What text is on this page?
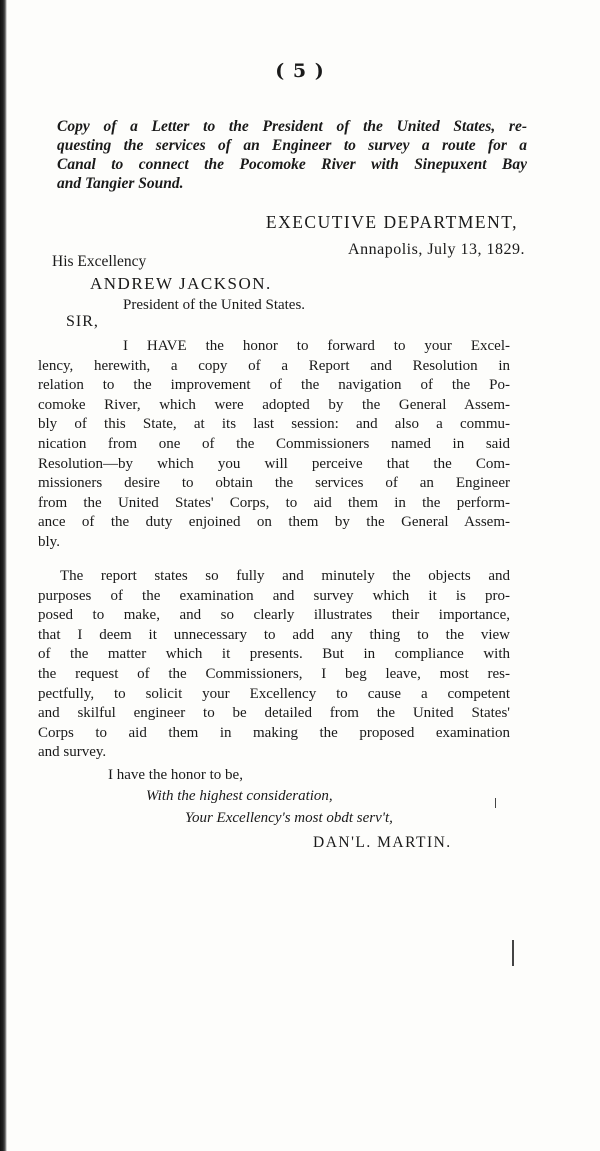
( 5 )
Copy of a Letter to the President of the United States, re-
questing the services of an Engineer to survey a route for a
Canal to connect the Pocomoke River with Sinepuxent Bay
and Tangier Sound.
EXECUTIVE DEPARTMENT,
Annapolis, July 13, 1829.
His Excellency
ANDREW JACKSON.
President of the United States.
SIR,
I HAVE the honor to forward to your Excel-
lency, herewith, a copy of a Report and Resolution in
relation to the improvement of the navigation of the Po-
comoke River, which were adopted by the General Assem-
bly of this State, at its last session: and also a commu-
nication from one of the Commissioners named in said
Resolution—by which you will perceive that the Com-
missioners desire to obtain the services of an Engineer
from the United States' Corps, to aid them in the perform-
ance of the duty enjoined on them by the General Assem-
bly.
The report states so fully and minutely the objects and
purposes of the examination and survey which it is pro-
posed to make, and so clearly illustrates their importance,
that I deem it unnecessary to add any thing to the view
of the matter which it presents. But in compliance with
the request of the Commissioners, I beg leave, most res-
pectfully, to solicit your Excellency to cause a competent
and skilful engineer to be detailed from the United States'
Corps to aid them in making the proposed examination
and survey.
I have the honor to be,
With the highest consideration,
Your Excellency's most obdt serv't,
DAN'L. MARTIN.
